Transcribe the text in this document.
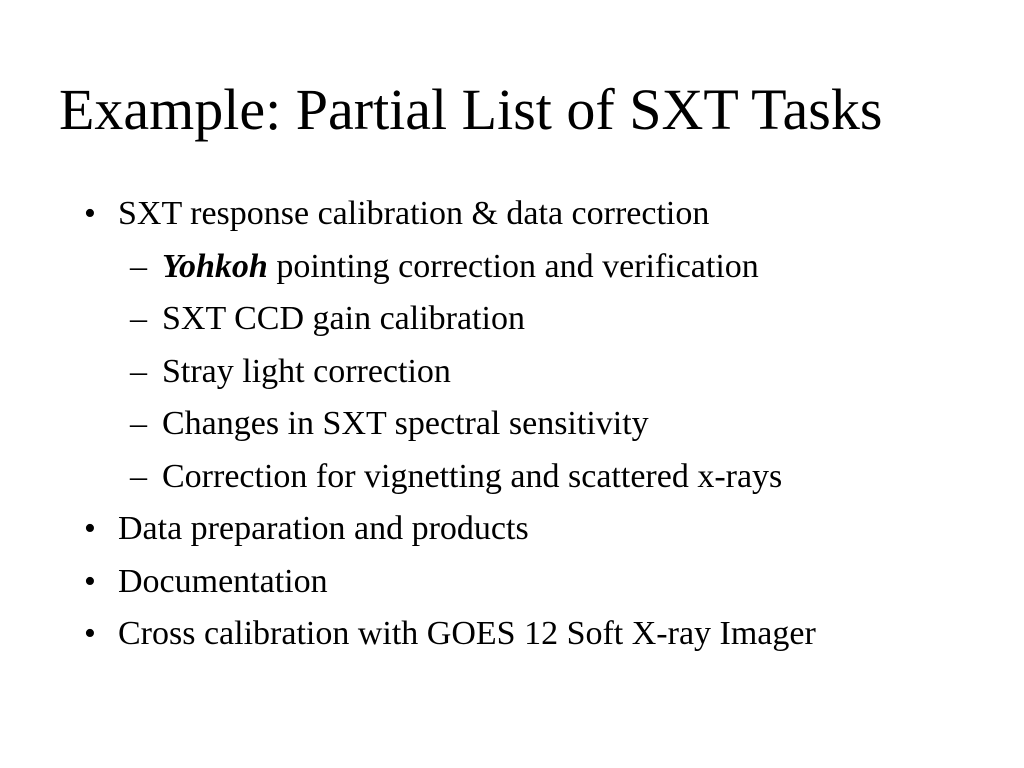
Example: Partial List of SXT Tasks
• SXT response calibration & data correction
– Yohkoh pointing correction and verification
– SXT CCD gain calibration
– Stray light correction
– Changes in SXT spectral sensitivity
– Correction for vignetting and scattered x-rays
• Data preparation and products
• Documentation
• Cross calibration with GOES 12 Soft X-ray Imager
